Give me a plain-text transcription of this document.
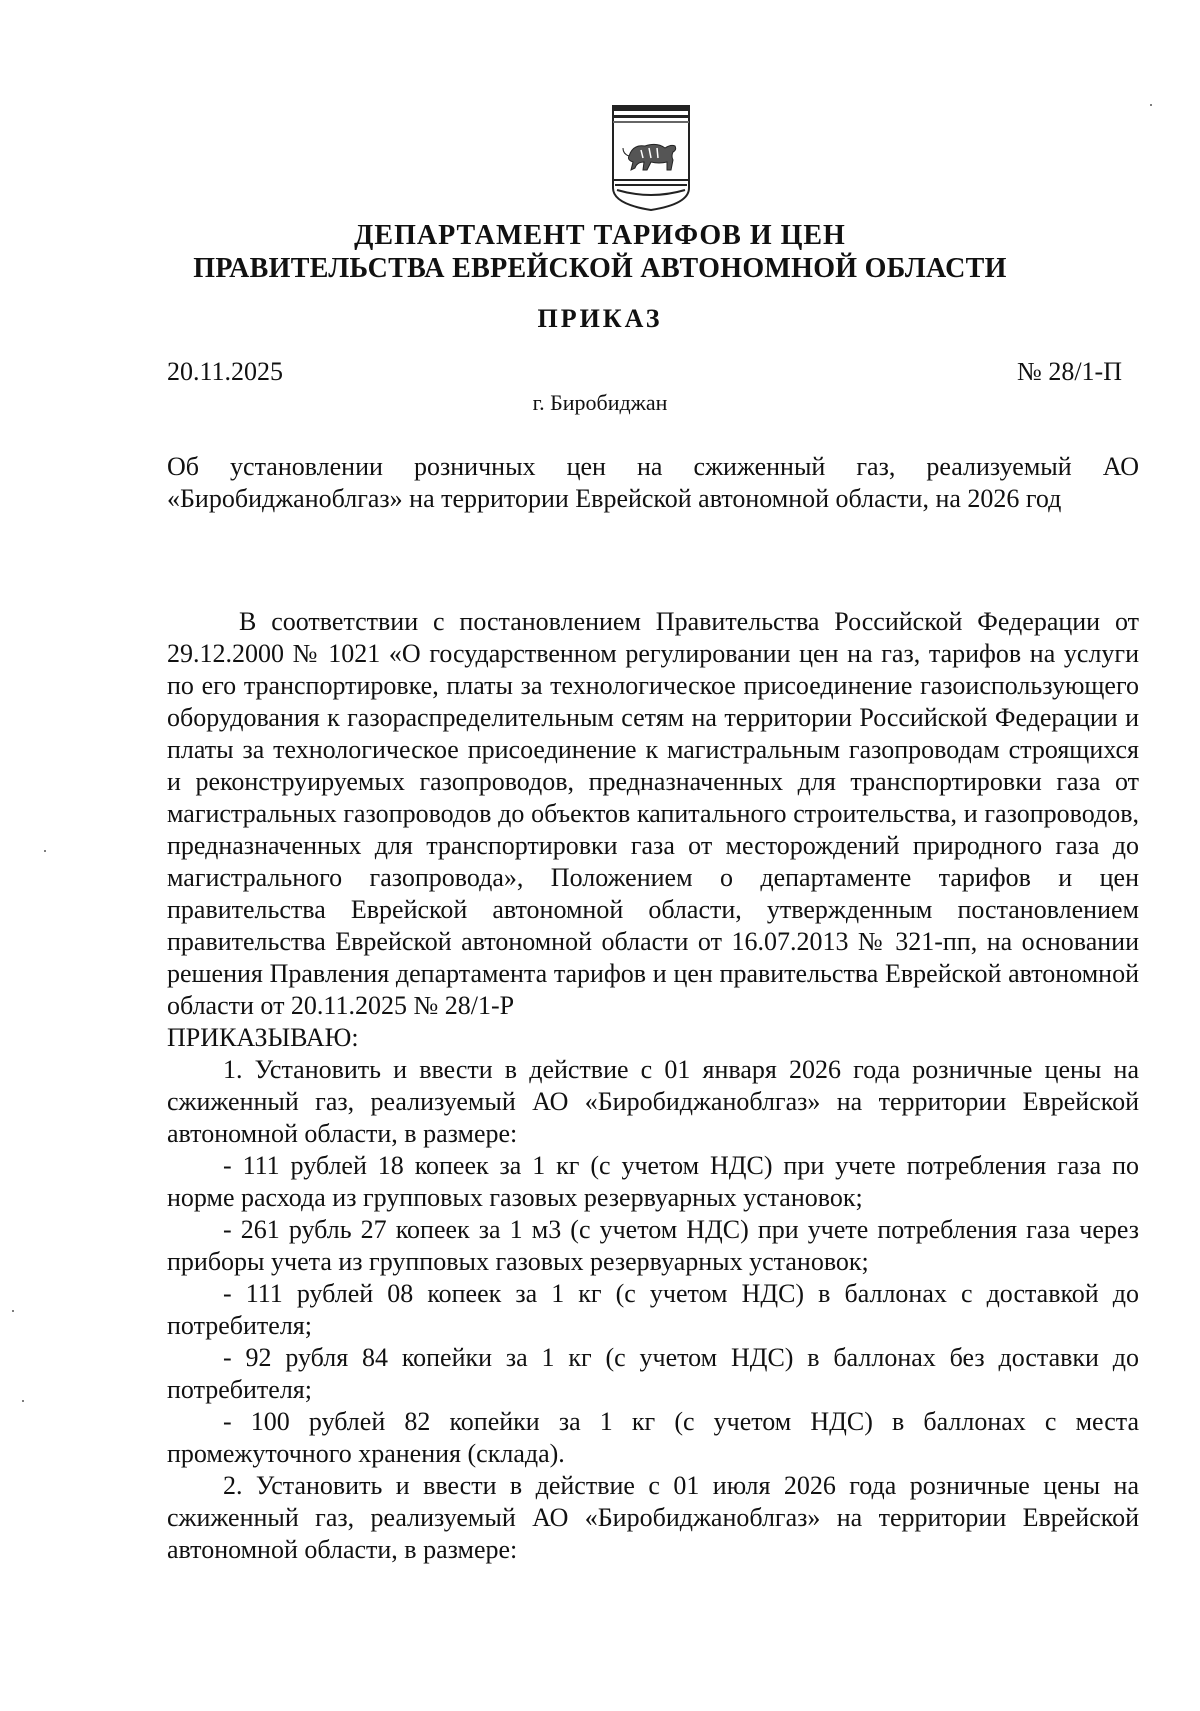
ДЕПАРТАМЕНТ ТАРИФОВ И ЦЕН
ПРАВИТЕЛЬСТВА ЕВРЕЙСКОЙ АВТОНОМНОЙ ОБЛАСТИ
ПРИКАЗ
20.11.2025	№ 28/1-П
г. Биробиджан
Об установлении розничных цен на сжиженный газ, реализуемый АО «Биробиджаноблгаз» на территории Еврейской автономной области, на 2026 год

В соответствии с постановлением Правительства Российской Федерации от 29.12.2000 № 1021 «О государственном регулировании цен на газ, тарифов на услуги по его транспортировке, платы за технологическое присоединение газоиспользующего оборудования к газораспределительным сетям на территории Российской Федерации и платы за технологическое присоединение к магистральным газопроводам строящихся и реконструируемых газопроводов, предназначенных для транспортировки газа от магистральных газопроводов до объектов капитального строительства, и газопроводов, предназначенных для транспортировки газа от месторождений природного газа до магистрального газопровода», Положением о департаменте тарифов и цен правительства Еврейской автономной области, утвержденным постановлением правительства Еврейской автономной области от 16.07.2013 № 321-пп, на основании решения Правления департамента тарифов и цен правительства Еврейской автономной области от 20.11.2025 № 28/1-Р

ПРИКАЗЫВАЮ:

1. Установить и ввести в действие с 01 января 2026 года розничные цены на сжиженный газ, реализуемый АО «Биробиджаноблгаз» на территории Еврейской автономной области, в размере:

- 111 рублей 18 копеек за 1 кг (с учетом НДС) при учете потребления газа по норме расхода из групповых газовых резервуарных установок;

- 261 рубль 27 копеек за 1 м3 (с учетом НДС) при учете потребления газа через приборы учета из групповых газовых резервуарных установок;

- 111 рублей 08 копеек за 1 кг (с учетом НДС) в баллонах с доставкой до потребителя;

- 92 рубля 84 копейки за 1 кг (с учетом НДС) в баллонах без доставки до потребителя;

- 100 рублей 82 копейки за 1 кг (с учетом НДС) в баллонах с места промежуточного хранения (склада).

2. Установить и ввести в действие с 01 июля 2026 года розничные цены на сжиженный газ, реализуемый АО «Биробиджаноблгаз» на территории Еврейской автономной области, в размере:
